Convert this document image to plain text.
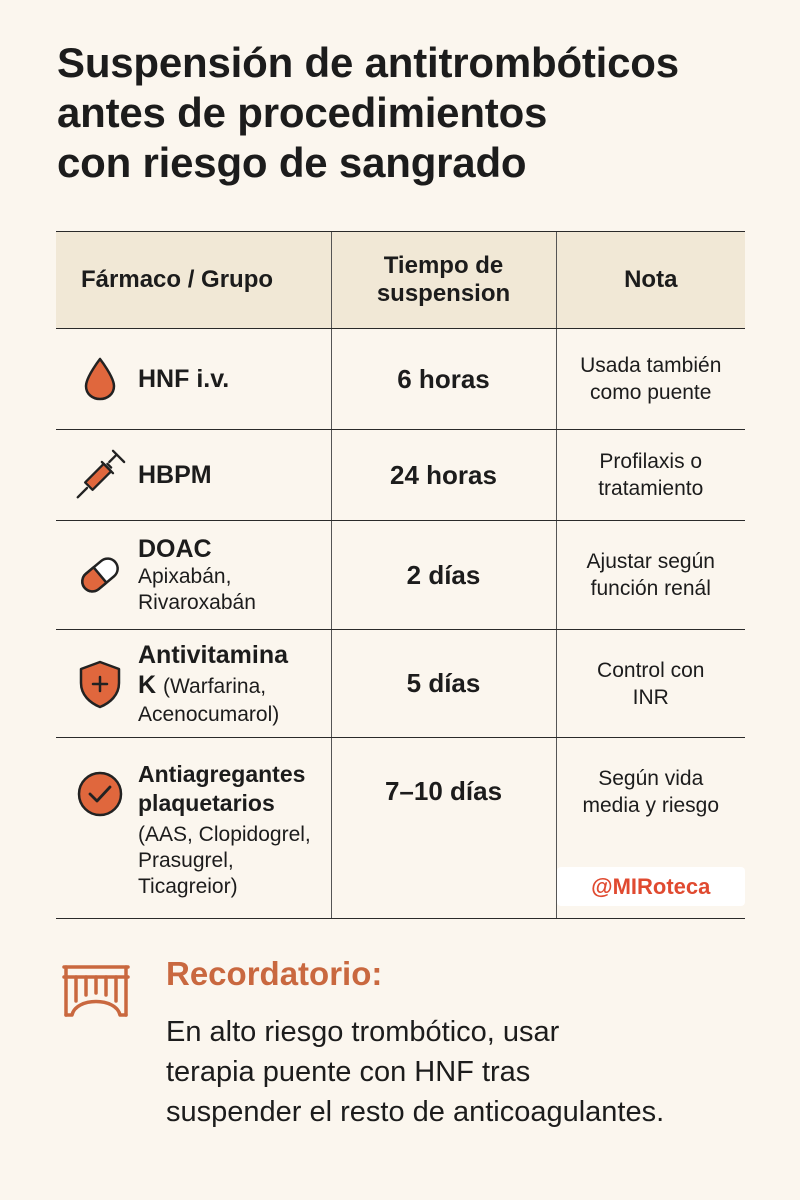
Suspensión de antitrombóticos
antes de procedimientos
con riesgo de sangrado
Fármaco / Grupo	Tiempo de
suspension	Nota

HNF i.v.	6 horas	Usada también
como puente

HBPM	24 horas	Profilaxis o
tratamiento

DOAC
Apixabán,
Rivaroxabán	2 días	Ajustar según
función renál

Antivitamina
K (Warfarina,
Acenocumarol)	5 días	Control con
INR

Antiagregantes
plaquetarios
(AAS, Clopidogrel,
Prasugrel,
Ticagreior)	7–10 días	Según vida
media y riesgo
@MIRoteca
Recordatorio:
En alto riesgo trombótico, usar
terapia puente con HNF tras
suspender el resto de anticoagulantes.
